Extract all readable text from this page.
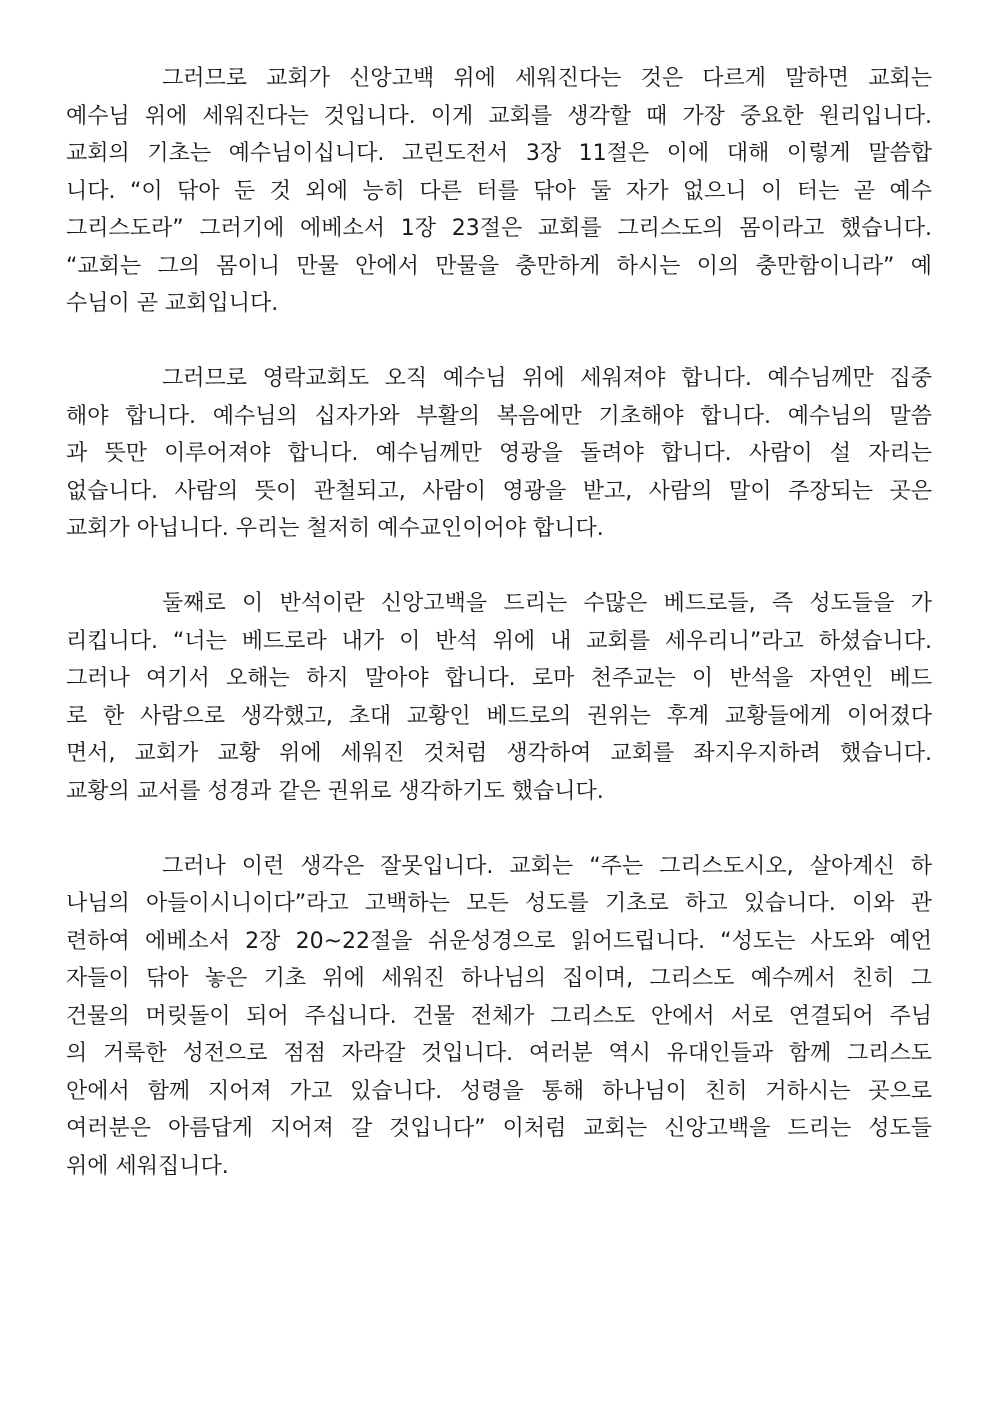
그러므로 교회가 신앙고백 위에 세워진다는 것은 다르게 말하면 교회는
예수님 위에 세워진다는 것입니다. 이게 교회를 생각할 때 가장 중요한 원리입니다.
교회의 기초는 예수님이십니다. 고린도전서 3장 11절은 이에 대해 이렇게 말씀합
니다. “이 닦아 둔 것 외에 능히 다른 터를 닦아 둘 자가 없으니 이 터는 곧 예수
그리스도라” 그러기에 에베소서 1장 23절은 교회를 그리스도의 몸이라고 했습니다.
“교회는 그의 몸이니 만물 안에서 만물을 충만하게 하시는 이의 충만함이니라” 예
수님이 곧 교회입니다.
그러므로 영락교회도 오직 예수님 위에 세워져야 합니다. 예수님께만 집중
해야 합니다. 예수님의 십자가와 부활의 복음에만 기초해야 합니다. 예수님의 말씀
과 뜻만 이루어져야 합니다. 예수님께만 영광을 돌려야 합니다. 사람이 설 자리는
없습니다. 사람의 뜻이 관철되고, 사람이 영광을 받고, 사람의 말이 주장되는 곳은
교회가 아닙니다. 우리는 철저히 예수교인이어야 합니다.
둘째로 이 반석이란 신앙고백을 드리는 수많은 베드로들, 즉 성도들을 가
리킵니다. “너는 베드로라 내가 이 반석 위에 내 교회를 세우리니”라고 하셨습니다.
그러나 여기서 오해는 하지 말아야 합니다. 로마 천주교는 이 반석을 자연인 베드
로 한 사람으로 생각했고, 초대 교황인 베드로의 권위는 후계 교황들에게 이어졌다
면서, 교회가 교황 위에 세워진 것처럼 생각하여 교회를 좌지우지하려 했습니다.
교황의 교서를 성경과 같은 권위로 생각하기도 했습니다.
그러나 이런 생각은 잘못입니다. 교회는 “주는 그리스도시오, 살아계신 하
나님의 아들이시니이다”라고 고백하는 모든 성도를 기초로 하고 있습니다. 이와 관
련하여 에베소서 2장 20~22절을 쉬운성경으로 읽어드립니다. “성도는 사도와 예언
자들이 닦아 놓은 기초 위에 세워진 하나님의 집이며, 그리스도 예수께서 친히 그
건물의 머릿돌이 되어 주십니다. 건물 전체가 그리스도 안에서 서로 연결되어 주님
의 거룩한 성전으로 점점 자라갈 것입니다. 여러분 역시 유대인들과 함께 그리스도
안에서 함께 지어져 가고 있습니다. 성령을 통해 하나님이 친히 거하시는 곳으로
여러분은 아름답게 지어져 갈 것입니다” 이처럼 교회는 신앙고백을 드리는 성도들
위에 세워집니다.
